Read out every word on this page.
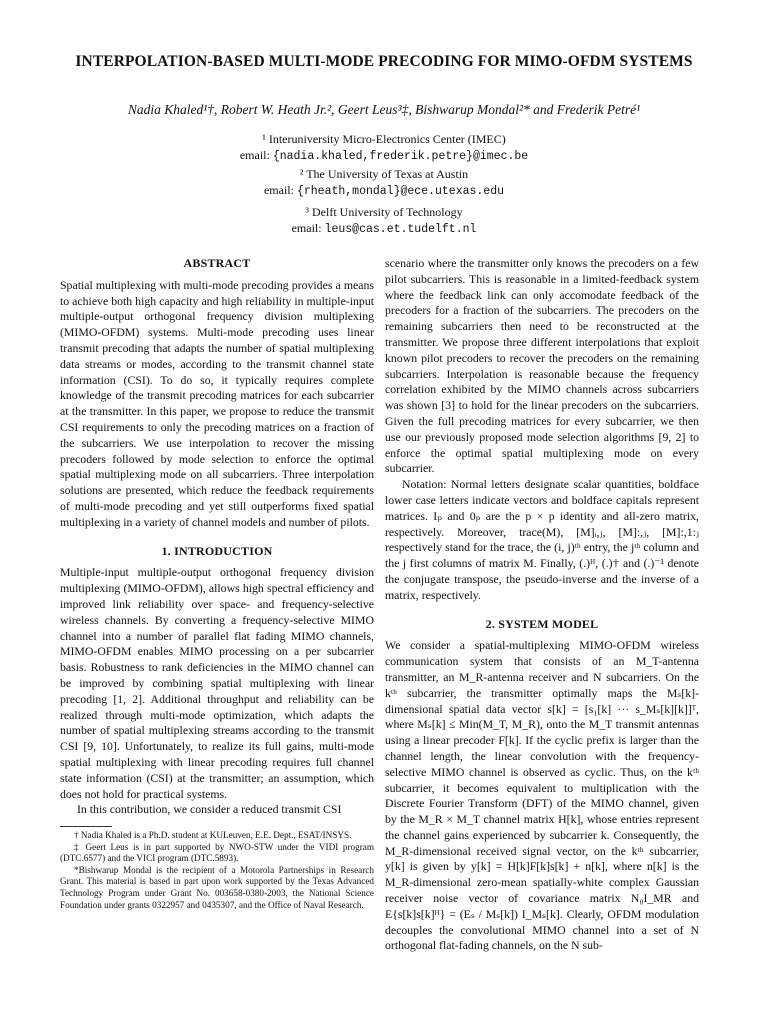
INTERPOLATION-BASED MULTI-MODE PRECODING FOR MIMO-OFDM SYSTEMS
Nadia Khaled¹†, Robert W. Heath Jr.², Geert Leus³‡, Bishwarup Mondal²* and Frederik Petré¹
¹ Interuniversity Micro-Electronics Center (IMEC)
email: {nadia.khaled,frederik.petre}@imec.be
² The University of Texas at Austin
email: {rheath,mondal}@ece.utexas.edu
³ Delft University of Technology
email: leus@cas.et.tudelft.nl
ABSTRACT

Spatial multiplexing with multi-mode precoding provides a means to achieve both high capacity and high reliability in multiple-input multiple-output orthogonal frequency division multiplexing (MIMO-OFDM) systems. Multi-mode precoding uses linear transmit precoding that adapts the number of spatial multiplexing data streams or modes, according to the transmit channel state information (CSI). To do so, it typically requires complete knowledge of the transmit precoding matrices for each subcarrier at the transmitter. In this paper, we propose to reduce the transmit CSI requirements to only the precoding matrices on a fraction of the subcarriers. We use interpolation to recover the missing precoders followed by mode selection to enforce the optimal spatial multiplexing mode on all subcarriers. Three interpolation solutions are presented, which reduce the feedback requirements of multi-mode precoding and yet still outperforms fixed spatial multiplexing in a variety of channel models and number of pilots.

1. INTRODUCTION

Multiple-input multiple-output orthogonal frequency division multiplexing (MIMO-OFDM), allows high spectral efficiency and improved link reliability over space- and frequency-selective wireless channels. By converting a frequency-selective MIMO channel into a number of parallel flat fading MIMO channels, MIMO-OFDM enables MIMO processing on a per subcarrier basis. Robustness to rank deficiencies in the MIMO channel can be improved by combining spatial multiplexing with linear precoding [1, 2]. Additional throughput and reliability can be realized through multi-mode optimization, which adapts the number of spatial multiplexing streams according to the transmit CSI [9, 10]. Unfortunately, to realize its full gains, multi-mode spatial multiplexing with linear precoding requires full channel state information (CSI) at the transmitter; an assumption, which does not hold for practical systems.

In this contribution, we consider a reduced transmit CSI

† Nadia Khaled is a Ph.D. student at KULeuven, E.E. Dept., ESAT/INSYS.

‡ Geert Leus is in part supported by NWO-STW under the VIDI program (DTC.6577) and the VICI program (DTC.5893).

*Bishwarup Mondal is the recipient of a Motorola Partnerships in Research Grant. This material is based in part upon work supported by the Texas Advanced Technology Program under Grant No. 003658-0380-2003, the National Science Foundation under grants 0322957 and 0435307, and the Office of Naval Research.

scenario where the transmitter only knows the precoders on a few pilot subcarriers. This is reasonable in a limited-feedback system where the feedback link can only accomodate feedback of the precoders for a fraction of the subcarriers. The precoders on the remaining subcarriers then need to be reconstructed at the transmitter. We propose three different interpolations that exploit known pilot precoders to recover the precoders on the remaining subcarriers. Interpolation is reasonable because the frequency correlation exhibited by the MIMO channels across subcarriers was shown [3] to hold for the linear precoders on the subcarriers. Given the full precoding matrices for every subcarrier, we then use our previously proposed mode selection algorithms [9, 2] to enforce the optimal spatial multiplexing mode on every subcarrier.

Notation: Normal letters designate scalar quantities, boldface lower case letters indicate vectors and boldface capitals represent matrices. Iₚ and 0ₚ are the p × p identity and all-zero matrix, respectively. Moreover, trace(M), [M]ᵢ,ⱼ, [M]:,ⱼ, [M]:,1:ⱼ respectively stand for the trace, the (i, j)ᵗʰ entry, the jᵗʰ column and the j first columns of matrix M. Finally, (.)ᴴ, (.)† and (.)⁻¹ denote the conjugate transpose, the pseudo-inverse and the inverse of a matrix, respectively.

2. SYSTEM MODEL

We consider a spatial-multiplexing MIMO-OFDM wireless communication system that consists of an M_T-antenna transmitter, an M_R-antenna receiver and N subcarriers. On the kᵗʰ subcarrier, the transmitter optimally maps the Mₛ[k]-dimensional spatial data vector s[k] = [s₁[k] ··· s_Mₛ[k][k]]ᵀ, where Mₛ[k] ≤ Min(M_T, M_R), onto the M_T transmit antennas using a linear precoder F[k]. If the cyclic prefix is larger than the channel length, the linear convolution with the frequency-selective MIMO channel is observed as cyclic. Thus, on the kᵗʰ subcarrier, it becomes equivalent to multiplication with the Discrete Fourier Transform (DFT) of the MIMO channel, given by the M_R × M_T channel matrix H[k], whose entries represent the channel gains experienced by subcarrier k. Consequently, the M_R-dimensional received signal vector, on the kᵗʰ subcarrier, y[k] is given by y[k] = H[k]F[k]s[k] + n[k], where n[k] is the M_R-dimensional zero-mean spatially-white complex Gaussian receiver noise vector of covariance matrix N₀I_MR and E{s[k]s[k]ᴴ} = (Eₛ / Mₛ[k]) I_Mₛ[k]. Clearly, OFDM modulation decouples the convolutional MIMO channel into a set of N orthogonal flat-fading channels, on the N sub-
